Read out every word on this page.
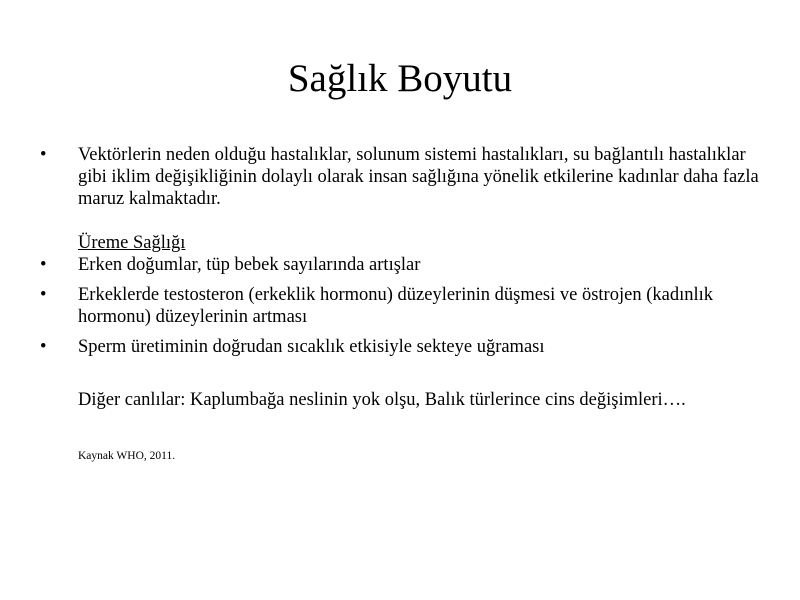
Sağlık Boyutu
•	Vektörlerin neden olduğu hastalıklar, solunum sistemi hastalıkları, su bağlantılı hastalıklar gibi iklim değişikliğinin dolaylı olarak insan sağlığına yönelik etkilerine kadınlar daha fazla maruz kalmaktadır.
Üreme Sağlığı
•	Erken doğumlar, tüp bebek sayılarında artışlar
•	Erkeklerde testosteron (erkeklik hormonu) düzeylerinin düşmesi ve östrojen (kadınlık hormonu) düzeylerinin artması
•	Sperm üretiminin doğrudan sıcaklık etkisiyle sekteye uğraması
Diğer canlılar: Kaplumbağa neslinin yok olşu, Balık türlerince cins değişimleri….
Kaynak WHO, 2011.
